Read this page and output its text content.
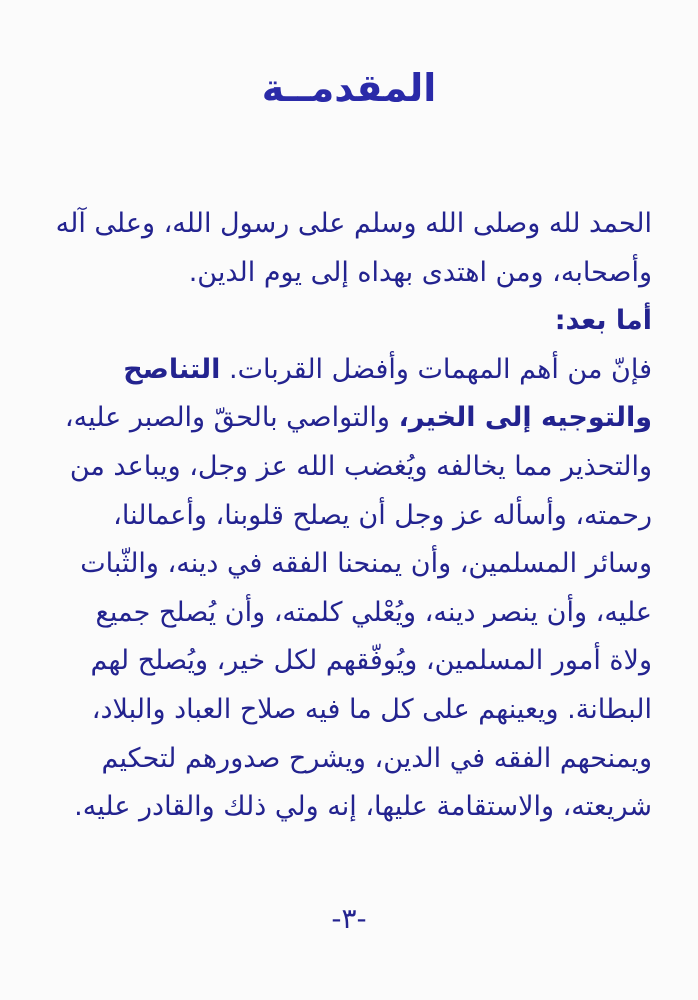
المقدمــة
الحمد لله وصلى الله وسلم على رسول الله، وعلى آله
وأصحابه، ومن اهتدى بهداه إلى يوم الدين.
أما بعد:
فإنّ من أهم المهمات وأفضل القربات. التناصح
والتوجيه إلى الخير، والتواصي بالحقّ والصبر عليه،
والتحذير مما يخالفه ويُغضب الله عز وجل، ويباعد من
رحمته، وأسأله عز وجل أن يصلح قلوبنا، وأعمالنا،
وسائر المسلمين، وأن يمنحنا الفقه في دينه، والثّبات
عليه، وأن ينصر دينه، ويُعْلي كلمته، وأن يُصلح جميع
ولاة أمور المسلمين، ويُوفّقهم لكل خير، ويُصلح لهم
البطانة. ويعينهم على كل ما فيه صلاح العباد والبلاد،
ويمنحهم الفقه في الدين، ويشرح صدورهم لتحكيم
شريعته، والاستقامة عليها، إنه ولي ذلك والقادر عليه.
-٣-
